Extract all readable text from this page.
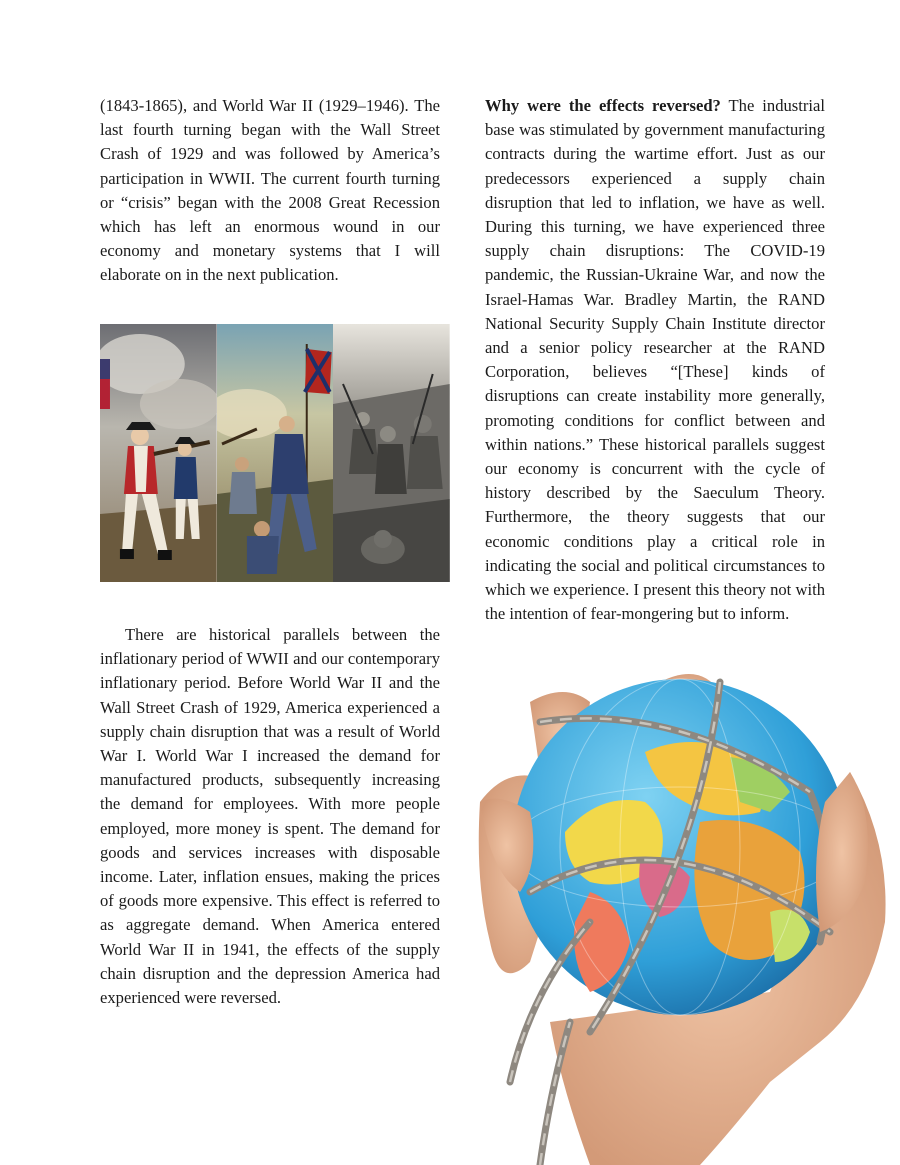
(1843-1865), and World War II (1929–1946). The last fourth turning began with the Wall Street Crash of 1929 and was followed by America’s participation in WWII. The current fourth turning or “crisis” began with the 2008 Great Recession which has left an enormous wound in our economy and monetary systems that I will elaborate on in the next publication.

There are historical parallels between the inflationary period of WWII and our contemporary inflationary period. Before World War II and the Wall Street Crash of 1929, America experienced a supply chain disruption that was a result of World War I. World War I increased the demand for manufactured products, subsequently increasing the demand for employees. With more people employed, more money is spent. The demand for goods and services increases with disposable income. Later, inflation ensues, making the prices of goods more expensive. This effect is referred to as aggregate demand. When America entered World War II in 1941, the effects of the supply chain disruption and the depression America had experienced were reversed.

Why were the effects reversed? The industrial base was stimulated by government manufacturing contracts during the wartime effort. Just as our predecessors experienced a supply chain disruption that led to inflation, we have as well. During this turning, we have experienced three supply chain disruptions: The COVID-19 pandemic, the Russian-Ukraine War, and now the Israel-Hamas War. Bradley Martin, the RAND National Security Supply Chain Institute director and a senior policy researcher at the RAND Corporation, believes “[These] kinds of disruptions can create instability more generally, promoting conditions for conflict between and within nations.” These historical parallels suggest our economy is concurrent with the cycle of history described by the Saeculum Theory. Furthermore, the theory suggests that our economic conditions play a critical role in indicating the social and political circumstances to which we experience. I present this theory not with the intention of fear-mongering but to inform.
